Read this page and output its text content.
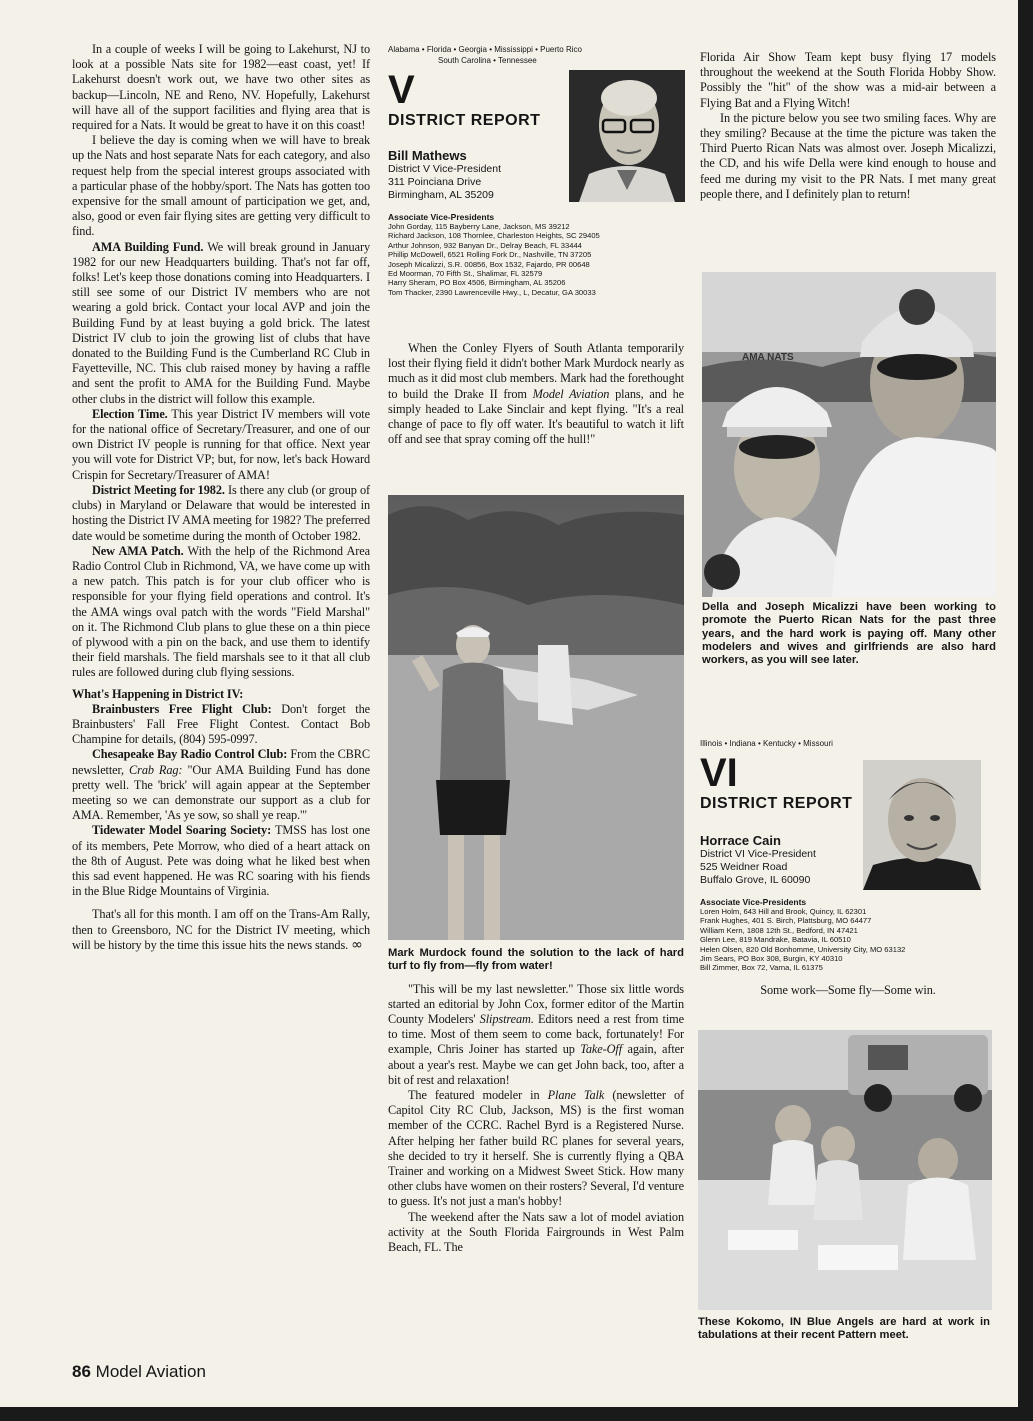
In a couple of weeks I will be going to Lakehurst, NJ to look at a possible Nats site for 1982—east coast, yet! If Lakehurst doesn't work out, we have two other sites as backup—Lincoln, NE and Reno, NV. Hopefully, Lakehurst will have all of the support facilities and flying area that is required for a Nats. It would be great to have it on this coast!

I believe the day is coming when we will have to break up the Nats and host separate Nats for each category, and also request help from the special interest groups associated with a particular phase of the hobby/sport. The Nats has gotten too expensive for the small amount of participation we get, and, also, good or even fair flying sites are getting very difficult to find.

AMA Building Fund. We will break ground in January 1982 for our new Headquarters building. That's not far off, folks! Let's keep those donations coming into Headquarters. I still see some of our District IV members who are not wearing a gold brick. Contact your local AVP and join the Building Fund by at least buying a gold brick. The latest District IV club to join the growing list of clubs that have donated to the Building Fund is the Cumberland RC Club in Fayetteville, NC. This club raised money by having a raffle and sent the profit to AMA for the Building Fund. Maybe other clubs in the district will follow this example.

Election Time. This year District IV members will vote for the national office of Secretary/Treasurer, and one of our own District IV people is running for that office. Next year you will vote for District VP; but, for now, let's back Howard Crispin for Secretary/Treasurer of AMA!

District Meeting for 1982. Is there any club (or group of clubs) in Maryland or Delaware that would be interested in hosting the District IV AMA meeting for 1982? The preferred date would be sometime during the month of October 1982.

New AMA Patch. With the help of the Richmond Area Radio Control Club in Richmond, VA, we have come up with a new patch. This patch is for your club officer who is responsible for your flying field operations and control. It's the AMA wings oval patch with the words "Field Marshal" on it. The Richmond Club plans to glue these on a thin piece of plywood with a pin on the back, and use them to identify their field marshals. The field marshals see to it that all club rules are followed during club flying sessions.

What's Happening in District IV:

Brainbusters Free Flight Club: Don't forget the Brainbusters' Fall Free Flight Contest. Contact Bob Champine for details, (804) 595-0997.

Chesapeake Bay Radio Control Club: From the CBRC newsletter, Crab Rag: "Our AMA Building Fund has done pretty well. The 'brick' will again appear at the September meeting so we can demonstrate our support as a club for AMA. Remember, 'As ye sow, so shall ye reap.'"

Tidewater Model Soaring Society: TMSS has lost one of its members, Pete Morrow, who died of a heart attack on the 8th of August. Pete was doing what he liked best when this sad event happened. He was RC soaring with his fiends in the Blue Ridge Mountains of Virginia.

That's all for this month. I am off on the Trans-Am Rally, then to Greensboro, NC for the District IV meeting, which will be history by the time this issue hits the news stands. ∞

Alabama • Florida • Georgia • Mississippi • Puerto Rico
South Carolina • Tennessee
V
DISTRICT REPORT
Bill Mathews
District V Vice-President
311 Poinciana Drive
Birmingham, AL 35209
Associate Vice-Presidents
John Gorday, 115 Bayberry Lane, Jackson, MS 39212
Richard Jackson, 108 Thornlee, Charleston Heights, SC 29405
Arthur Johnson, 932 Banyan Dr., Delray Beach, FL 33444
Phillip McDowell, 6521 Rolling Fork Dr., Nashville, TN 37205
Joseph Micalizzi, S.R. 00856, Box 1532, Fajardo, PR 00648
Ed Moorman, 70 Fifth St., Shalimar, FL 32579
Harry Sheram, PO Box 4506, Birmingham, AL 35206
Tom Thacker, 2390 Lawrenceville Hwy., L, Decatur, GA 30033

When the Conley Flyers of South Atlanta temporarily lost their flying field it didn't bother Mark Murdock nearly as much as it did most club members. Mark had the forethought to build the Drake II from Model Aviation plans, and he simply headed to Lake Sinclair and kept flying. "It's a real change of pace to fly off water. It's beautiful to watch it lift off and see that spray coming off the hull!"

Mark Murdock found the solution to the lack of hard turf to fly from—fly from water!

"This will be my last newsletter." Those six little words started an editorial by John Cox, former editor of the Martin County Modelers' Slipstream. Editors need a rest from time to time. Most of them seem to come back, fortunately! For example, Chris Joiner has started up Take-Off again, after about a year's rest. Maybe we can get John back, too, after a bit of rest and relaxation!

The featured modeler in Plane Talk (newsletter of Capitol City RC Club, Jackson, MS) is the first woman member of the CCRC. Rachel Byrd is a Registered Nurse. After helping her father build RC planes for several years, she decided to try it herself. She is currently flying a QBA Trainer and working on a Midwest Sweet Stick. How many other clubs have women on their rosters? Several, I'd venture to guess. It's not just a man's hobby!

The weekend after the Nats saw a lot of model aviation activity at the South Florida Fairgrounds in West Palm Beach, FL. The

Florida Air Show Team kept busy flying 17 models throughout the weekend at the South Florida Hobby Show. Possibly the "hit" of the show was a mid-air between a Flying Bat and a Flying Witch!

In the picture below you see two smiling faces. Why are they smiling? Because at the time the picture was taken the Third Puerto Rican Nats was almost over. Joseph Micalizzi, the CD, and his wife Della were kind enough to house and feed me during my visit to the PR Nats. I met many great people there, and I definitely plan to return!

AMA NATS
Della and Joseph Micalizzi have been working to promote the Puerto Rican Nats for the past three years, and the hard work is paying off. Many other modelers and wives and girlfriends are also hard workers, as you will see later.
Illinois • Indiana • Kentucky • Missouri
VI
DISTRICT REPORT
Horrace Cain
District VI Vice-President
525 Weidner Road
Buffalo Grove, IL 60090
Associate Vice-Presidents
Loren Holm, 643 Hill and Brook, Quincy, IL 62301
Frank Hughes, 401 S. Birch, Plattsburg, MO 64477
William Kern, 1808 12th St., Bedford, IN 47421
Glenn Lee, 819 Mandrake, Batavia, IL 60510
Helen Olsen, 820 Old Bonhomme, University City, MO 63132
Jim Sears, PO Box 308, Burgin, KY 40310
Bill Zimmer, Box 72, Varna, IL 61375

Some work—Some fly—Some win.

These Kokomo, IN Blue Angels are hard at work in tabulations at their recent Pattern meet.
86 Model Aviation
